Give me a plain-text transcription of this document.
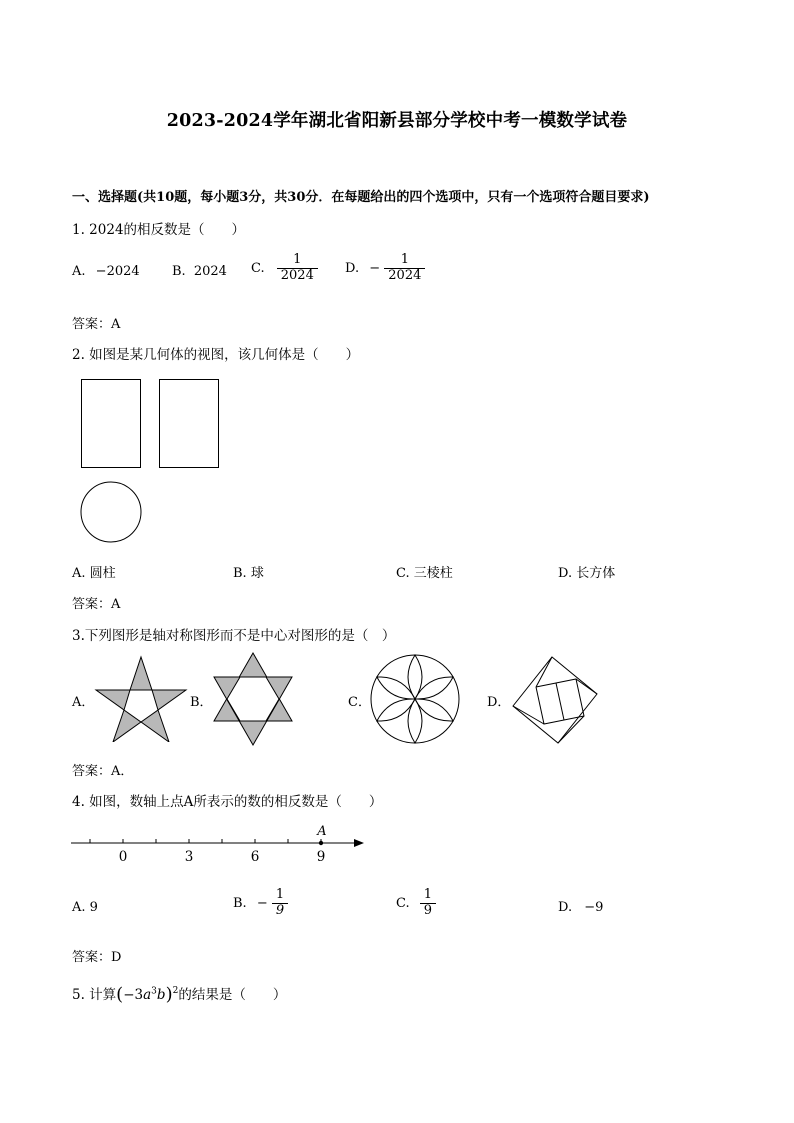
2023-2024学年湖北省阳新县部分学校中考一模数学试卷
一、选择题(共10题，每小题3分，共30分．在每题给出的四个选项中，只有一个选项符合题目要求)
1. 2024的相反数是（　　）
A. −2024 B. 2024 C. $\frac{1}{2024} D$. − $\frac{1}{2024}$
答案：A
2. 如图是某几何体的视图，该几何体是（　　）
A. 圆柱	B. 球	C. 三棱柱	D. 长方体
答案：A
3.下列图形是轴对称图形而不是中心对图形的是（　）
A．	B．	C．	D．
答案：A．
4. 如图，数轴上点A所表示的数的相反数是（　　）
A
0	3	6	9
A. 9	B. − $\frac{1}{9}$	C. $\frac{1}{9}$	D. −9
答案：D
5. 计算$(-3a^3b)^2$的结果是（　　）
